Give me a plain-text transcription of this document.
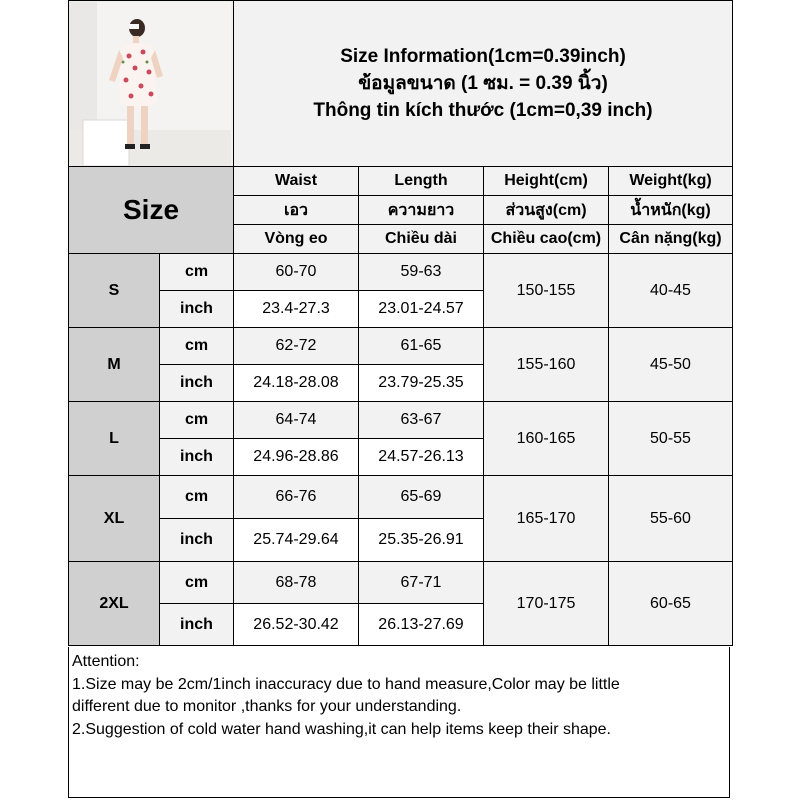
Size Information(1cm=0.39inch)
ข้อมูลขนาด (1 ซม. = 0.39 นิ้ว)
Thông tin kích thước (1cm=0,39 inch)			

Size		Waist	Length	Height(cm)	Weight(kg)
		เอว	ความยาว	ส่วนสูง(cm)	น้ำหนัก(kg)
		Vòng eo	Chiều dài	Chiều cao(cm)	Cân nặng(kg)
S	cm	60-70	59-63	150-155	40-45
	inch	23.4-27.3	23.01-24.57		
M	cm	62-72	61-65	155-160	45-50
	inch	24.18-28.08	23.79-25.35		
L	cm	64-74	63-67	160-165	50-55
	inch	24.96-28.86	24.57-26.13		
XL	cm	66-76	65-69	165-170	55-60
	inch	25.74-29.64	25.35-26.91		
2XL	cm	68-78	67-71	170-175	60-65
	inch	26.52-30.42	26.13-27.69		
Attention:
1.Size may be 2cm/1inch inaccuracy due to hand measure,Color may be little
different due to monitor ,thanks for your understanding.
2.Suggestion of cold water hand washing,it can help items keep their shape.
